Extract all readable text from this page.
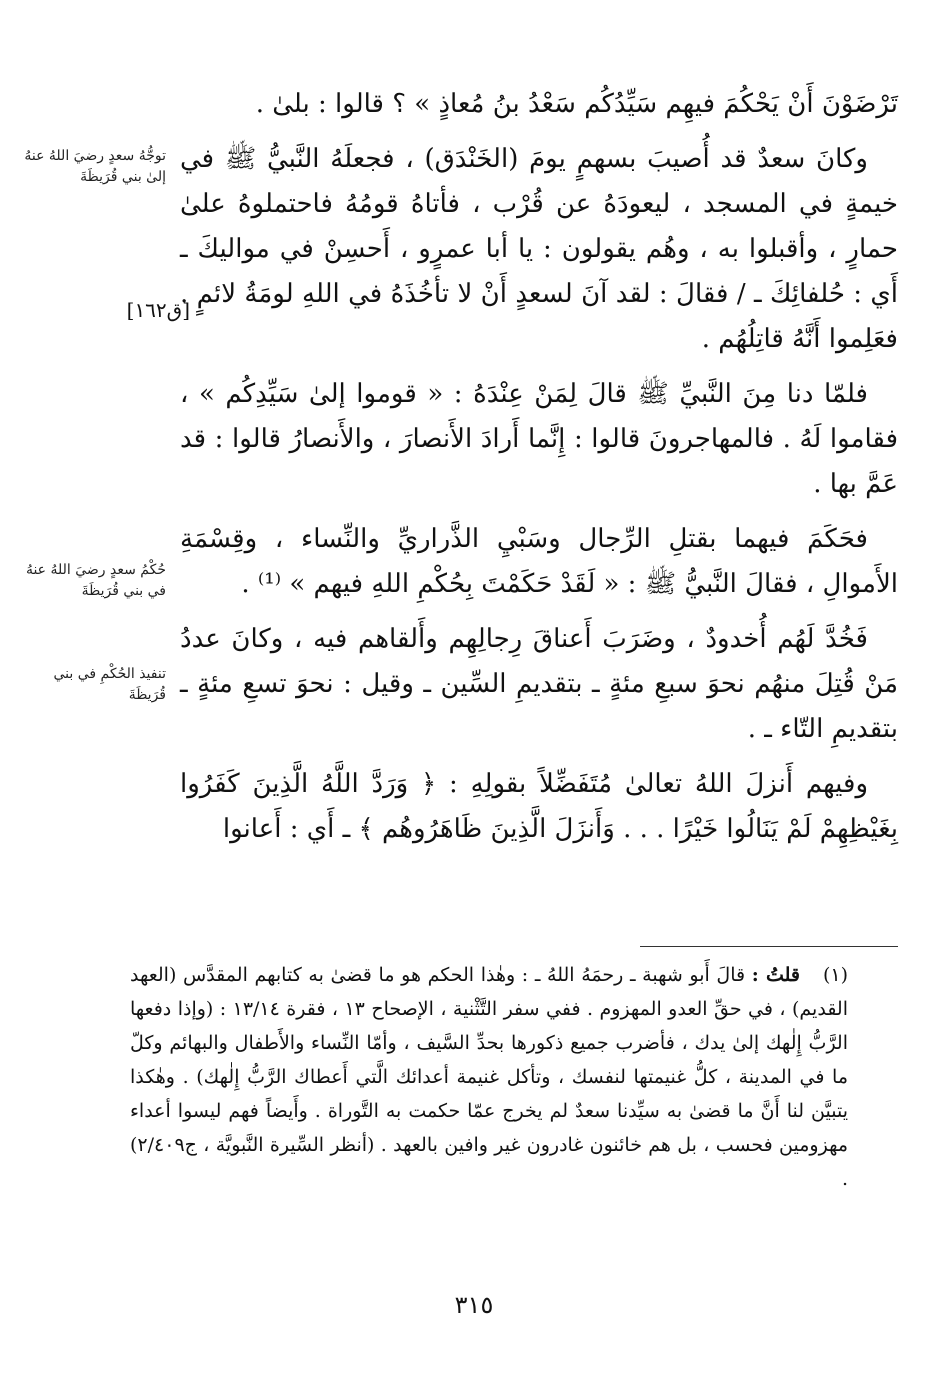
تَرْضَوْنَ أَنْ يَحْكُمَ فيهِم سَيِّدُكُم سَعْدُ بنُ مُعاذٍ » ؟ قالوا : بلىٰ .

وكانَ سعدٌ قد أُصيبَ بسهمٍ يومَ (الخَنْدَق) ، فجعلَهُ النَّبيُّ ﷺ في خيمةٍ في المسجد ، ليعودَهُ عن قُرْب ، فأتاهُ قومُهُ فاحتملوهُ علىٰ حمارٍ ، وأقبلوا به ، وهُم يقولون : يا أبا عمرٍو ، أَحسِنْ في مواليكَ ـ أَي : حُلفائِكَ ـ / فقالَ : لقد آنَ لسعدٍ أَنْ لا تأخُذَهُ في اللهِ لومَةُ لائمٍ . فعَلِموا أَنَّهُ قاتِلُهُم .

فلمّا دنا مِنَ النَّبيِّ ﷺ قالَ لِمَنْ عِنْدَهُ : « قوموا إلىٰ سَيِّدِكُم » ، فقاموا لَهُ . فالمهاجرونَ قالوا : إِنَّما أَرادَ الأَنصارَ ، والأَنصارُ قالوا : قد عَمَّ بها .

فحَكَمَ فيهما بقتلِ الرِّجال وسَبْيِ الذَّراريِّ والنِّساء ، وقِسْمَةِ الأَموالِ ، فقالَ النَّبيُّ ﷺ : « لَقَدْ حَكَمْتَ بِحُكْمِ اللهِ فيهم » ⁽¹⁾ .

فَخُدَّ لَهُم أُخدودٌ ، وضَرَبَ أَعناقَ رِجالِهِم وأَلقاهم فيه ، وكانَ عددُ مَنْ قُتِلَ منهُم نحوَ سبعِ مئةٍ ـ بتقديمِ السِّين ـ وقيل : نحوَ تسعِ مئةٍ ـ بتقديمِ التّاء ـ .

وفيهم أَنزلَ اللهُ تعالىٰ مُتَفَضِّلاً بقولِهِ : ﴿ وَرَدَّ اللَّهُ الَّذِينَ كَفَرُوا بِغَيْظِهِمْ لَمْ يَنَالُوا خَيْرًا . . . وَأَنزَلَ الَّذِينَ ظَاهَرُوهُم ﴾ ـ أَي : أَعانوا

توجُّهُ سعدٍ رضيَ اللهُ عنهُ إلىٰ بني قُرَيظَةَ
حُكْمُ سعدٍ رضيَ اللهُ عنهُ في بني قُرَيظَةَ
تنفيذ الحُكْمِ في بني قُرَيظَةَ
[ق١٦٢]
(١)قلتُ : قالَ أَبو شهبة ـ رحمَهُ اللهُ ـ : وهٰذا الحكم هو ما قضىٰ به كتابهم المقدَّس (العهد القديم) ، في حقِّ العدو المهزوم . ففي سفر التَّثْنية ، الإصحاح ١٣ ، فقرة ١٣/١٤ : (وإذا دفعها الرَّبُّ إِلٰهك إلىٰ يدك ، فأضرب جميع ذكورها بحدِّ السَّيف ، وأمّا النِّساء والأَطفال والبهائم وكلّ ما في المدينة ، كلُّ غنيمتها لنفسك ، وتأكل غنيمة أعدائك الَّتي أَعطاك الرَّبُّ إِلٰهك) . وهٰكذا يتبيَّن لنا أَنَّ ما قضىٰ به سيِّدنا سعدٌ لم يخرج عمّا حكمت به التَّوراة . وأَيضاً فهم ليسوا أعداء مهزومين فحسب ، بل هم خائنون غادرون غير وافين بالعهد . (أنظر السِّيرة النَّبويَّة ، ج٢/٤٠٩) .
٣١٥
